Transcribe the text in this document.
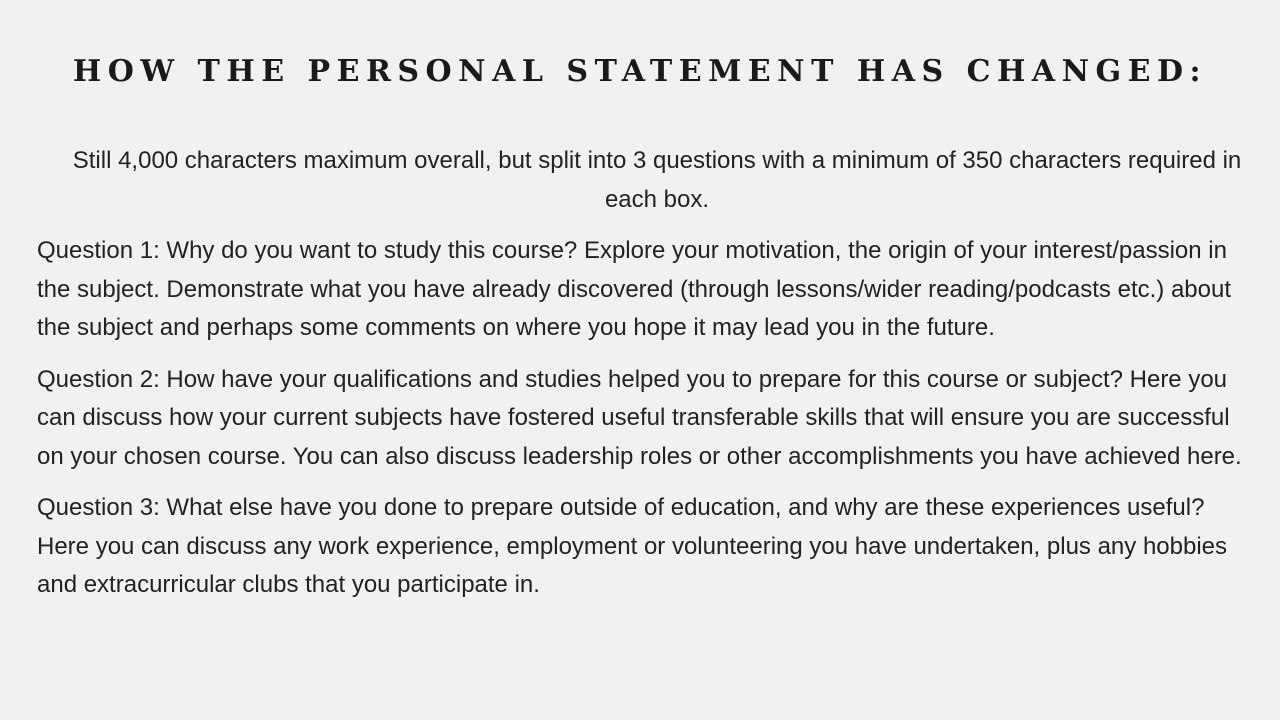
HOW THE PERSONAL STATEMENT HAS CHANGED:

Still 4,000 characters maximum overall, but split into 3 questions with a minimum of 350 characters required in each box.

Question 1: Why do you want to study this course? Explore your motivation, the origin of your interest/passion in the subject. Demonstrate what you have already discovered (through lessons/wider reading/podcasts etc.) about the subject and perhaps some comments on where you hope it may lead you in the future.

Question 2: How have your qualifications and studies helped you to prepare for this course or subject? Here you can discuss how your current subjects have fostered useful transferable skills that will ensure you are successful on your chosen course. You can also discuss leadership roles or other accomplishments you have achieved here.

Question 3: What else have you done to prepare outside of education, and why are these experiences useful? Here you can discuss any work experience, employment or volunteering you have undertaken, plus any hobbies and extracurricular clubs that you participate in.
